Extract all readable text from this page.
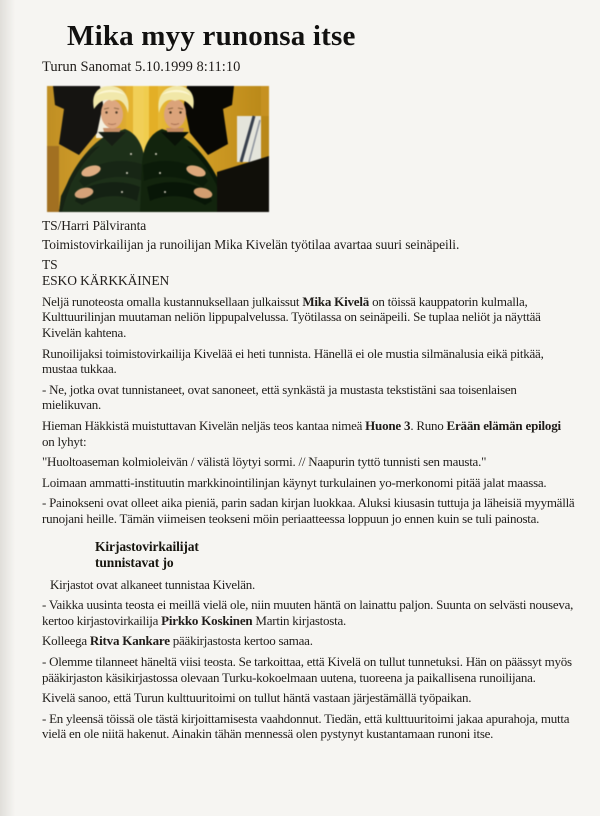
Mika myy runonsa itse
Turun Sanomat 5.10.1999 8:11:10

TS/Harri Pälviranta

Toimistovirkailijan ja runoilijan Mika Kivelän työtilaa avartaa suuri seinäpeili.

TS

ESKO KÄRKKÄINEN

Neljä runoteosta omalla kustannuksellaan julkaissut Mika Kivelä on töissä kauppatorin kulmalla, Kulttuurilinjan muutaman neliön lippupalvelussa. Työtilassa on seinäpeili. Se tuplaa neliöt ja näyttää Kivelän kahtena.

Runoilijaksi toimistovirkailija Kivelää ei heti tunnista. Hänellä ei ole mustia silmänalusia eikä pitkää, mustaa tukkaa.

- Ne, jotka ovat tunnistaneet, ovat sanoneet, että synkästä ja mustasta tekstistäni saa toisenlaisen mielikuvan.

Hieman Häkkistä muistuttavan Kivelän neljäs teos kantaa nimeä Huone 3. Runo Erään elämän epilogi on lyhyt:

"Huoltoaseman kolmioleivän / välistä löytyi sormi. // Naapurin tyttö tunnisti sen mausta."

Loimaan ammatti-instituutin markkinointilinjan käynyt turkulainen yo-merkonomi pitää jalat maassa.

- Painokseni ovat olleet aika pieniä, parin sadan kirjan luokkaa. Aluksi kiusasin tuttuja ja läheisiä myymällä runojani heille. Tämän viimeisen teokseni möin periaatteessa loppuun jo ennen kuin se tuli painosta.

Kirjastovirkailijat
tunnistavat jo

Kirjastot ovat alkaneet tunnistaa Kivelän.

- Vaikka uusinta teosta ei meillä vielä ole, niin muuten häntä on lainattu paljon. Suunta on selvästi nouseva, kertoo kirjastovirkailija Pirkko Koskinen Martin kirjastosta.

Kolleega Ritva Kankare pääkirjastosta kertoo samaa.

- Olemme tilanneet häneltä viisi teosta. Se tarkoittaa, että Kivelä on tullut tunnetuksi. Hän on päässyt myös pääkirjaston käsikirjastossa olevaan Turku-kokoelmaan uutena, tuoreena ja paikallisena runoilijana.

Kivelä sanoo, että Turun kulttuuritoimi on tullut häntä vastaan järjestämällä työpaikan.

- En yleensä töissä ole tästä kirjoittamisesta vaahdonnut. Tiedän, että kulttuuritoimi jakaa apurahoja, mutta vielä en ole niitä hakenut. Ainakin tähän mennessä olen pystynyt kustantamaan runoni itse.
